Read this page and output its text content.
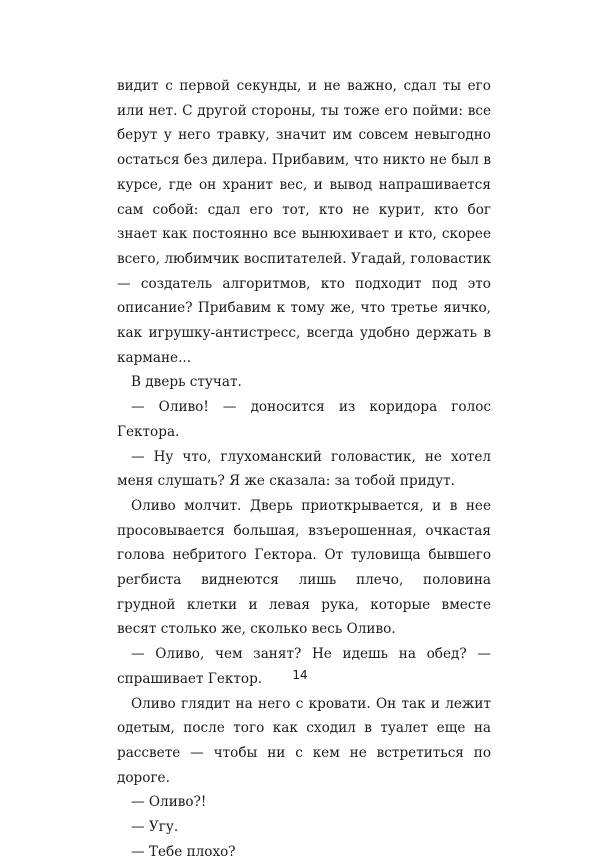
видит с первой секунды, и не важно, сдал ты его или нет. С другой стороны, ты тоже его пойми: все берут у него травку, значит им совсем невыгодно остаться без дилера. Прибавим, что никто не был в курсе, где он хранит вес, и вывод напрашивается сам собой: сдал его тот, кто не курит, кто бог знает как постоянно все вынюхивает и кто, скорее всего, любимчик воспитателей. Угадай, головастик — создатель алгоритмов, кто подходит под это описание? Прибавим к тому же, что третье яичко, как игрушку-антистресс, всегда удобно держать в кармане...

В дверь стучат.

— Оливо! — доносится из коридора голос Гектора.

— Ну что, глухоманский головастик, не хотел меня слушать? Я же сказала: за тобой придут.

Оливо молчит. Дверь приоткрывается, и в нее просовывается большая, взъерошенная, очкастая голова небритого Гектора. От туловища бывшего регбиста виднеются лишь плечо, половина грудной клетки и левая рука, которые вместе весят столько же, сколько весь Оливо.

— Оливо, чем занят? Не идешь на обед? — спрашивает Гектор.

Оливо глядит на него с кровати. Он так и лежит одетым, после того как сходил в туалет еще на рассвете — чтобы ни с кем не встретиться по дороге.

— Оливо?!

— Угу.

— Тебе плохо?

14
